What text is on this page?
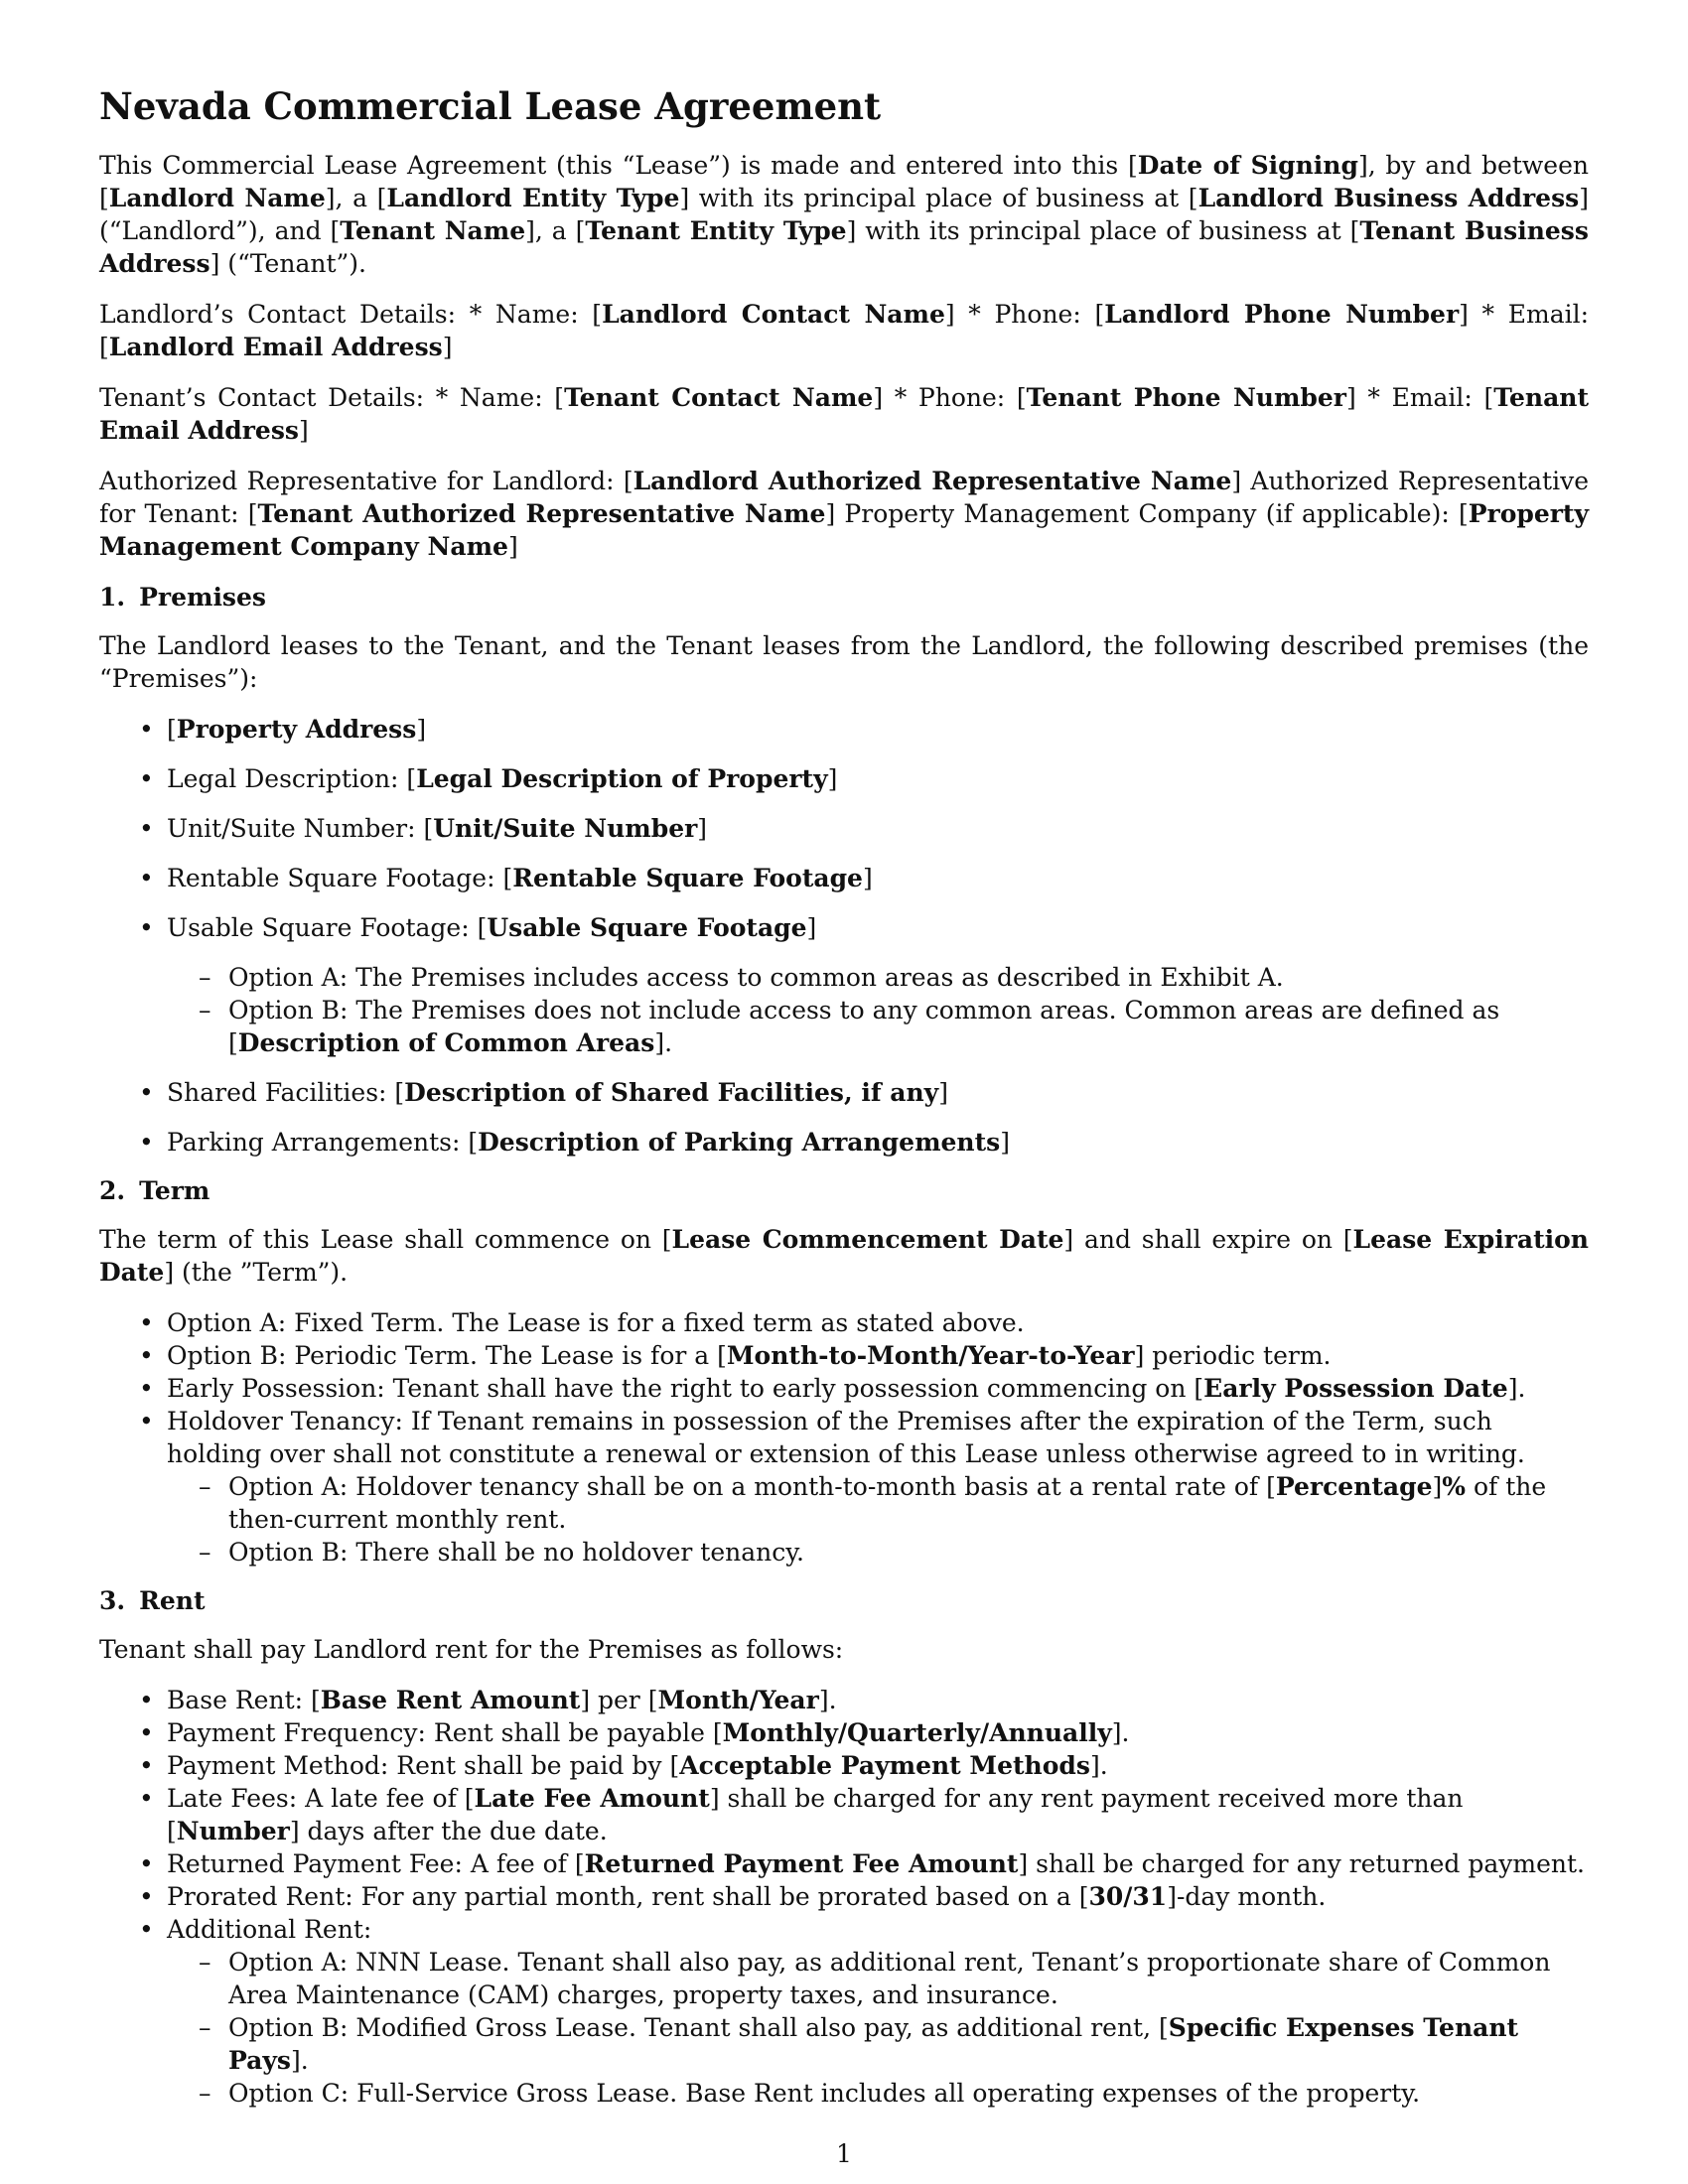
Nevada Commercial Lease Agreement

This Commercial Lease Agreement (this “Lease”) is made and entered into this [Date of Signing], by and between [Landlord Name], a [Landlord Entity Type] with its principal place of business at [Landlord Business Address] (“Landlord”), and [Tenant Name], a [Tenant Entity Type] with its principal place of business at [Tenant Business Address] (“Tenant”).

Landlord’s Contact Details: * Name: [Landlord Contact Name] * Phone: [Landlord Phone Number] * Email: [Landlord Email Address]

Tenant’s Contact Details: * Name: [Tenant Contact Name] * Phone: [Tenant Phone Number] * Email: [Tenant Email Address]

Authorized Representative for Landlord: [Landlord Authorized Representative Name] Authorized Representative for Tenant: [Tenant Authorized Representative Name] Property Management Company (if applicable): [Property Management Company Name]

1. Premises

The Landlord leases to the Tenant, and the Tenant leases from the Landlord, the following described premises (the “Premises”):

• [Property Address]
• Legal Description: [Legal Description of Property]
• Unit/Suite Number: [Unit/Suite Number]
• Rentable Square Footage: [Rentable Square Footage]
• Usable Square Footage: [Usable Square Footage]
– Option A: The Premises includes access to common areas as described in Exhibit A.
– Option B: The Premises does not include access to any common areas. Common areas are defined as [Description of Common Areas].
• Shared Facilities: [Description of Shared Facilities, if any]
• Parking Arrangements: [Description of Parking Arrangements]
2. Term

The term of this Lease shall commence on [Lease Commencement Date] and shall expire on [Lease Expiration Date] (the ”Term”).

• Option A: Fixed Term. The Lease is for a fixed term as stated above.
• Option B: Periodic Term. The Lease is for a [Month-to-Month/Year-to-Year] periodic term.
• Early Possession: Tenant shall have the right to early possession commencing on [Early Possession Date].
• Holdover Tenancy: If Tenant remains in possession of the Premises after the expiration of the Term, such holding over shall not constitute a renewal or extension of this Lease unless otherwise agreed to in writing.
– Option A: Holdover tenancy shall be on a month-to-month basis at a rental rate of [Percentage]% of the then-current monthly rent.
– Option B: There shall be no holdover tenancy.
3. Rent

Tenant shall pay Landlord rent for the Premises as follows:

• Base Rent: [Base Rent Amount] per [Month/Year].
• Payment Frequency: Rent shall be payable [Monthly/Quarterly/Annually].
• Payment Method: Rent shall be paid by [Acceptable Payment Methods].
• Late Fees: A late fee of [Late Fee Amount] shall be charged for any rent payment received more than [Number] days after the due date.
• Returned Payment Fee: A fee of [Returned Payment Fee Amount] shall be charged for any returned payment.
• Prorated Rent: For any partial month, rent shall be prorated based on a [30/31]-day month.
• Additional Rent:
– Option A: NNN Lease. Tenant shall also pay, as additional rent, Tenant’s proportionate share of Common Area Maintenance (CAM) charges, property taxes, and insurance.
– Option B: Modified Gross Lease. Tenant shall also pay, as additional rent, [Specific Expenses Tenant Pays].
– Option C: Full-Service Gross Lease. Base Rent includes all operating expenses of the property.
1
